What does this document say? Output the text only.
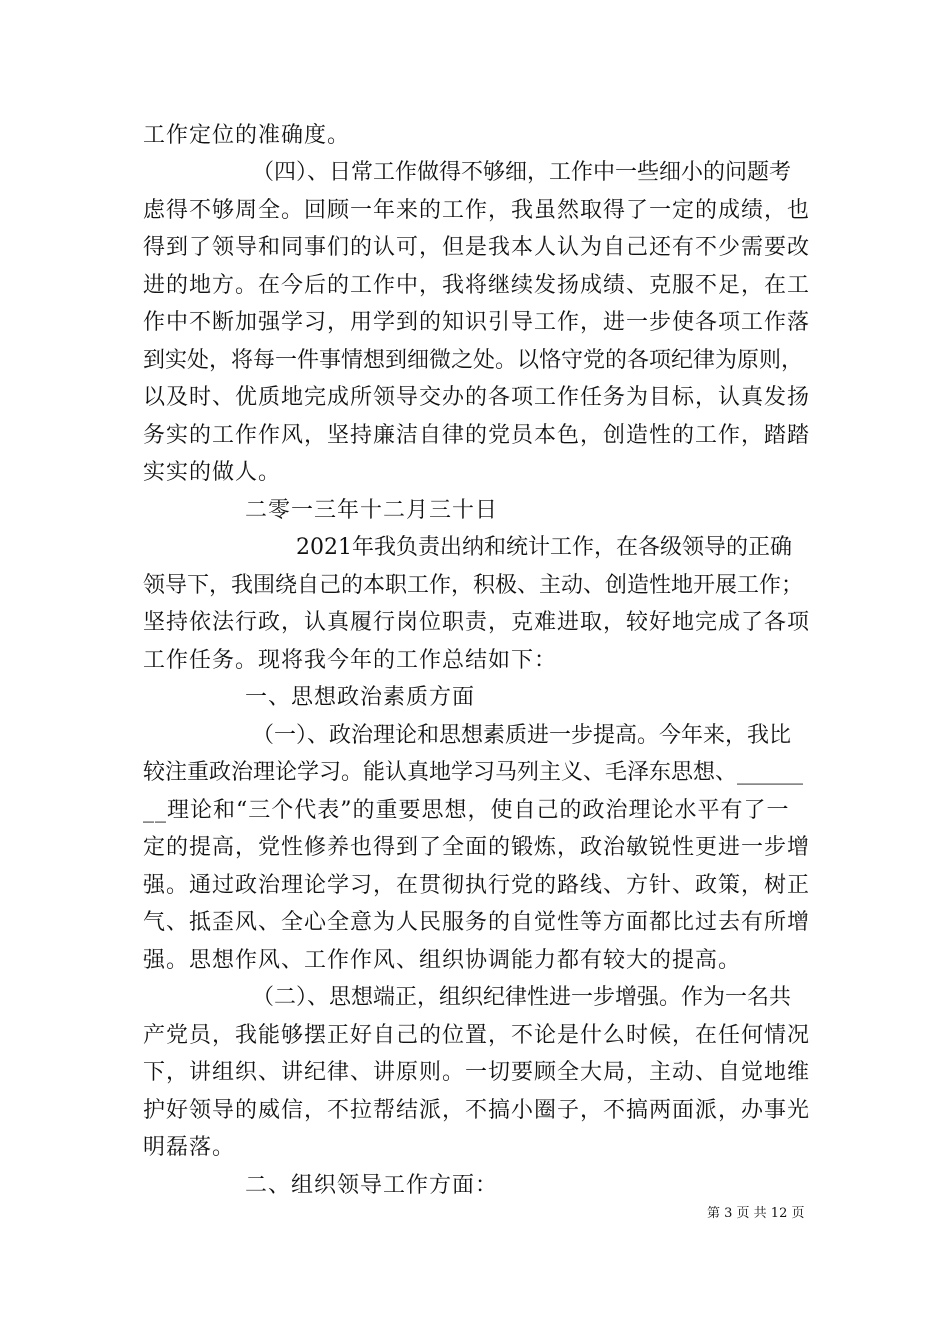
工作定位的准确度。
（四）、日常工作做得不够细，工作中一些细小的问题考
虑得不够周全。回顾一年来的工作，我虽然取得了一定的成绩，也
得到了领导和同事们的认可，但是我本人认为自己还有不少需要改
进的地方。在今后的工作中，我将继续发扬成绩、克服不足，在工
作中不断加强学习，用学到的知识引导工作，进一步使各项工作落
到实处，将每一件事情想到细微之处。以恪守党的各项纪律为原则，
以及时、优质地完成所领导交办的各项工作任务为目标，认真发扬
务实的工作作风，坚持廉洁自律的党员本色，创造性的工作，踏踏
实实的做人。
二零一三年十二月三十日
2021年我负责出纳和统计工作，在各级领导的正确
领导下，我围绕自己的本职工作，积极、主动、创造性地开展工作；
坚持依法行政，认真履行岗位职责，克难进取，较好地完成了各项
工作任务。现将我今年的工作总结如下：
一、思想政治素质方面
（一）、政治理论和思想素质进一步提高。今年来，我比
较注重政治理论学习。能认真地学习马列主义、毛泽东思想、______
__理论和“三个代表”的重要思想，使自己的政治理论水平有了一
定的提高，党性修养也得到了全面的锻炼，政治敏锐性更进一步增
强。通过政治理论学习，在贯彻执行党的路线、方针、政策，树正
气、抵歪风、全心全意为人民服务的自觉性等方面都比过去有所增
强。思想作风、工作作风、组织协调能力都有较大的提高。
（二）、思想端正，组织纪律性进一步增强。作为一名共
产党员，我能够摆正好自己的位置，不论是什么时候，在任何情况
下，讲组织、讲纪律、讲原则。一切要顾全大局，主动、自觉地维
护好领导的威信，不拉帮结派，不搞小圈子，不搞两面派，办事光
明磊落。
二、组织领导工作方面：
第 3 页 共 12 页
